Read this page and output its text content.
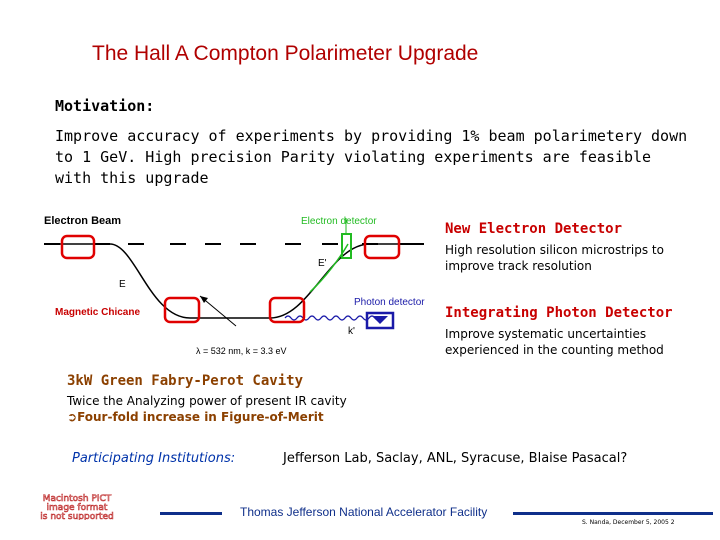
The Hall A Compton Polarimeter Upgrade
Motivation:
Improve accuracy of experiments by providing 1% beam polarimetery down to 1 GeV. High precision Parity violating experiments are feasible with this upgrade
Electron Beam	Electron detector
Magnetic Chicane
Photon detector
E
E'
k'
λ = 532 nm, k = 3.3 eV
New Electron Detector
High resolution silicon microstrips to improve track resolution
Integrating Photon Detector
Improve systematic uncertainties experienced in the counting method
3kW Green Fabry-Perot Cavity
Twice the Analyzing power of present IR cavity
➲Four-fold increase in Figure-of-Merit
Participating Institutions:	Jefferson Lab, Saclay, ANL, Syracuse, Blaise Pasacal?
Macintosh PICT
image format
is not supported	Thomas Jefferson National Accelerator Facility
S. Nanda, December 5, 2005 2
